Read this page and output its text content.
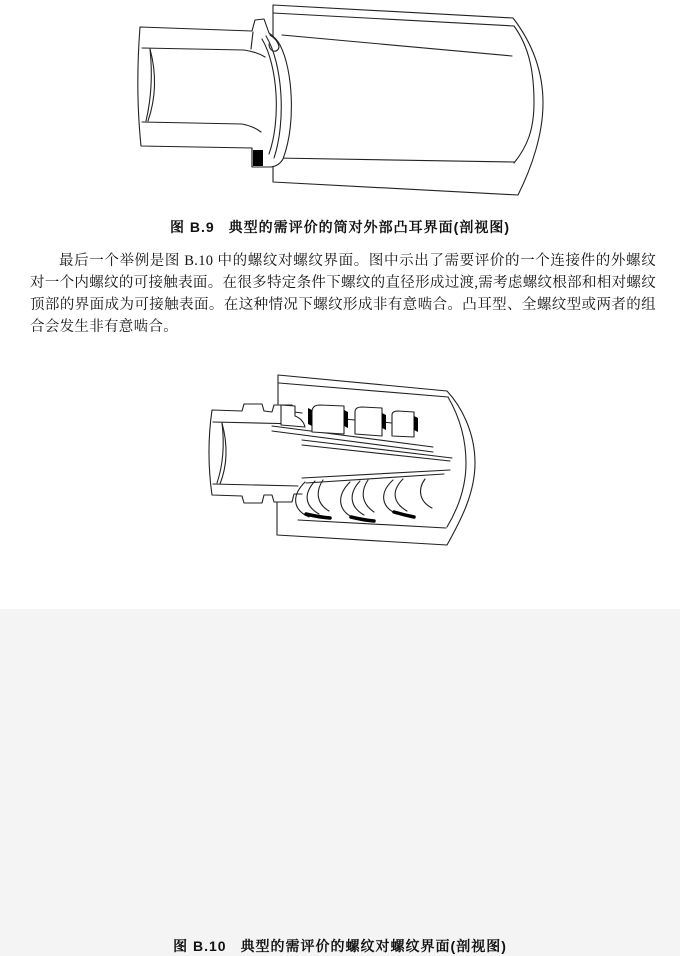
图 B.9 典型的需评价的筒对外部凸耳界面(剖视图)

最后一个举例是图 B.10 中的螺纹对螺纹界面。图中示出了需要评价的一个连接件的外螺纹对一个内螺纹的可接触表面。在很多特定条件下螺纹的直径形成过渡,需考虑螺纹根部和相对螺纹顶部的界面成为可接触表面。在这种情况下螺纹形成非有意啮合。凸耳型、全螺纹型或两者的组合会发生非有意啮合。

图 B.10 典型的需评价的螺纹对螺纹界面(剖视图)
